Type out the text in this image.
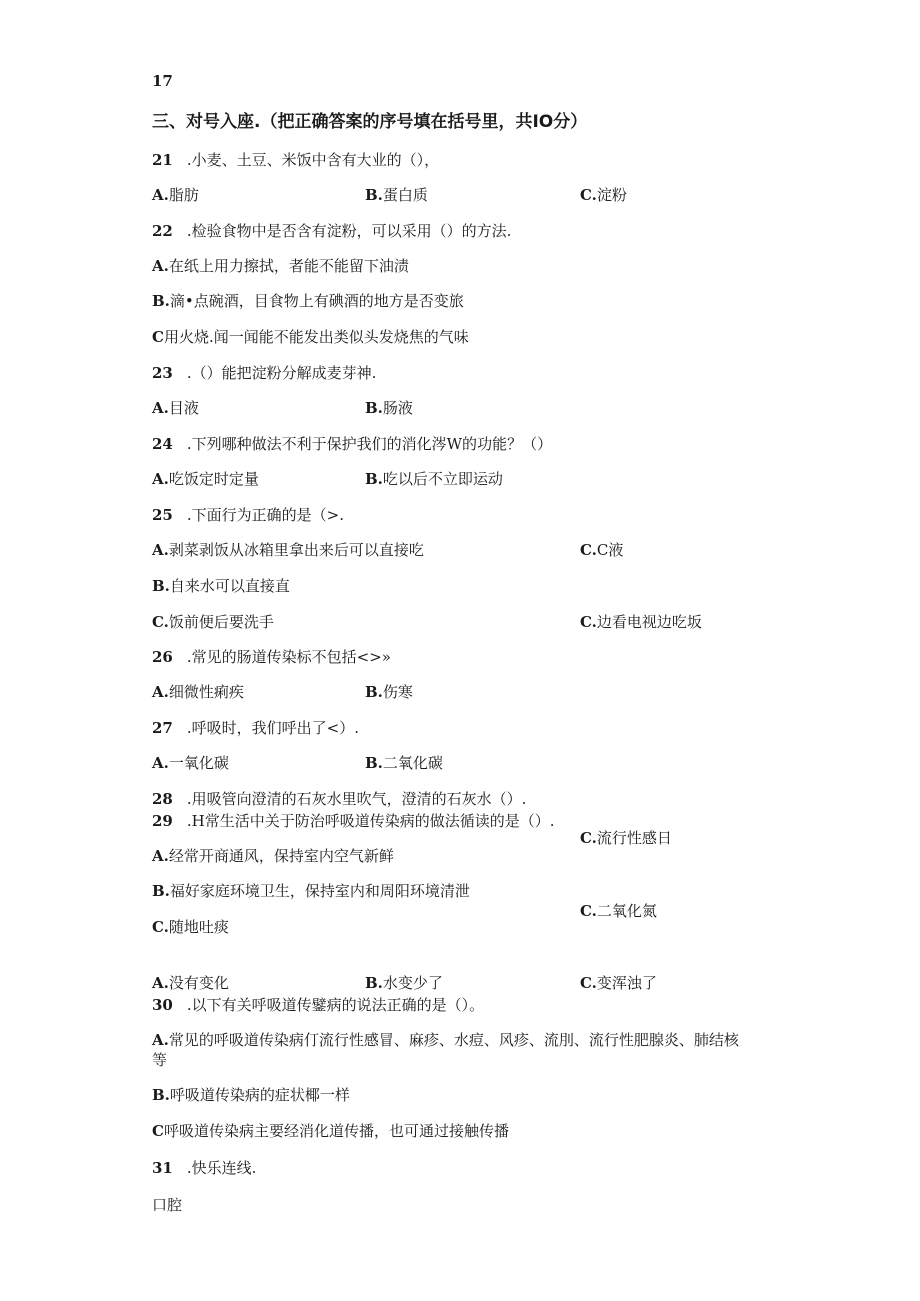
17
三、对号入座.（把正确答案的序号填在括号里，共IO分）
21 .小麦、土豆、米饭中含有大业的（），
A.脂肪	B.蛋白质	C.淀粉
22 .检验食物中是否含有淀粉，可以采用（）的方法.
A.在纸上用力擦拭，者能不能留下油渍
B.滴•点碗酒，目食物上有碘酒的地方是否变旅
C用火烧.闻一闻能不能发出类似头发烧焦的气味
23 .（）能把淀粉分解成麦芽神.
A.目液	B.肠液
24 .下列哪种做法不利于保护我们的消化涔W的功能？（）
A.吃饭定时定量	B.吃以后不立即运动
25 .下面行为正确的是（>.
A.剥菜剥饭从冰箱里拿出来后可以直接吃	C.C液
B.自来水可以直接直
C.饭前便后要洗手	C.边看电视边吃坂
26 .常见的肠道传染标不包括<>»
A.细微性痢疾	B.伤寒
27 .呼吸时，我们呼出了<）.
A.一氧化碳	B.二氧化碳
28 .用吸管向澄清的石灰水里吹气，澄清的石灰水（）.
29 .H常生活中关于防治呼吸道传染病的做法循读的是（）.
C.流行性感日
A.经常开商通风，保持室内空气新鲜
B.福好家庭环境卫生，保持室内和周阳环境清泄
C.二氧化氮
C.随地吐痰
A.没有变化	B.水变少了	C.变浑浊了
30 .以下有关呼吸道传鐾病的说法正确的是（）。
A.常见的呼吸道传染病仃流行性感冒、麻疹、水痘、风疹、流刖、流行性肥腺炎、肺结核
等
B.呼吸道传染病的症状椰一样
C呼吸道传染病主要经消化道传播，也可通过接触传播
31 .快乐连线.
口腔
